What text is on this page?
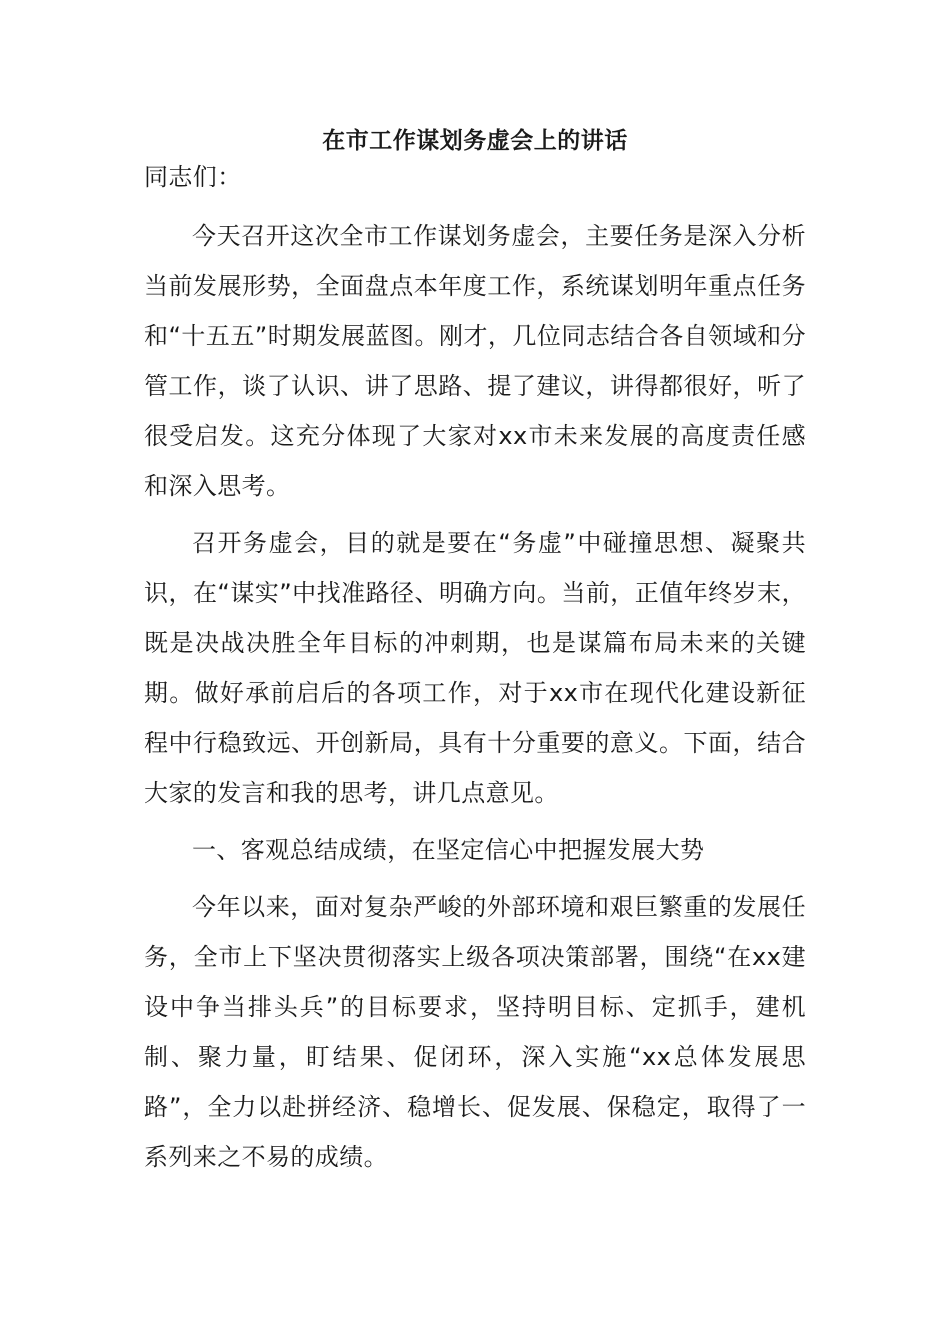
在市工作谋划务虚会上的讲话

同志们：

今天召开这次全市工作谋划务虚会，主要任务是深入分析当前发展形势，全面盘点本年度工作，系统谋划明年重点任务和“十五五”时期发展蓝图。刚才，几位同志结合各自领域和分管工作，谈了认识、讲了思路、提了建议，讲得都很好，听了很受启发。这充分体现了大家对xx市未来发展的高度责任感和深入思考。

召开务虚会，目的就是要在“务虚”中碰撞思想、凝聚共识，在“谋实”中找准路径、明确方向。当前，正值年终岁末，既是决战决胜全年目标的冲刺期，也是谋篇布局未来的关键期。做好承前启后的各项工作，对于xx市在现代化建设新征程中行稳致远、开创新局，具有十分重要的意义。下面，结合大家的发言和我的思考，讲几点意见。

一、客观总结成绩，在坚定信心中把握发展大势

今年以来，面对复杂严峻的外部环境和艰巨繁重的发展任务，全市上下坚决贯彻落实上级各项决策部署，围绕“在xx建设中争当排头兵”的目标要求，坚持明目标、定抓手，建机制、聚力量，盯结果、促闭环，深入实施“xx总体发展思路”，全力以赴拼经济、稳增长、促发展、保稳定，取得了一系列来之不易的成绩。
